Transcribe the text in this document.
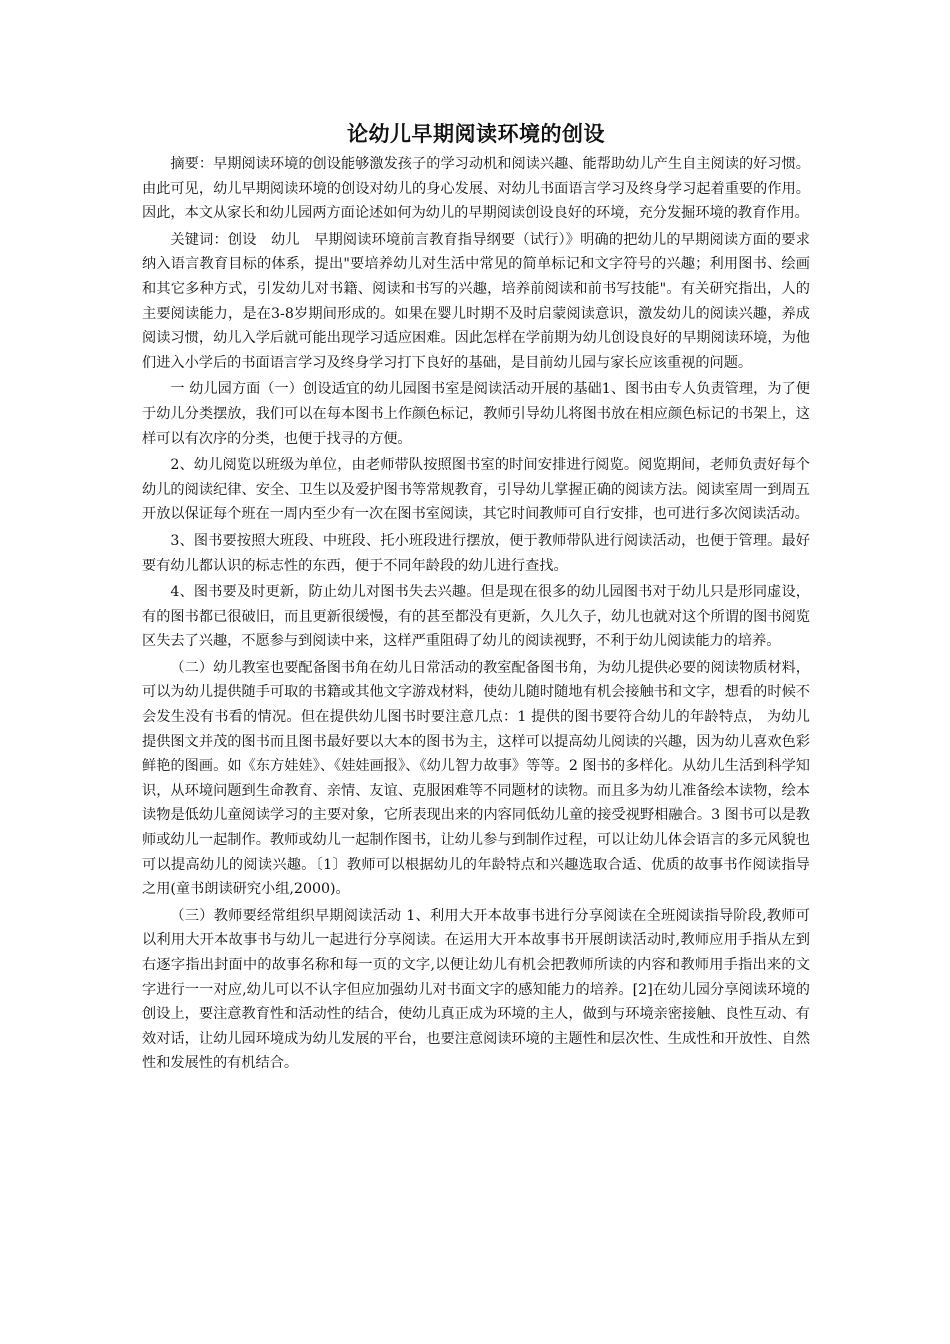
论幼儿早期阅读环境的创设

摘要：早期阅读环境的创设能够激发孩子的学习动机和阅读兴趣、能帮助幼儿产生自主阅读的好习惯。由此可见，幼儿早期阅读环境的创设对幼儿的身心发展、对幼儿书面语言学习及终身学习起着重要的作用。因此，本文从家长和幼儿园两方面论述如何为幼儿的早期阅读创设良好的环境，充分发掘环境的教育作用。

关键词：创设　幼儿　早期阅读环境前言教育指导纲要（试行）》明确的把幼儿的早期阅读方面的要求纳入语言教育目标的体系，提出"要培养幼儿对生活中常见的简单标记和文字符号的兴趣；利用图书、绘画和其它多种方式，引发幼儿对书籍、阅读和书写的兴趣，培养前阅读和前书写技能"。有关研究指出，人的主要阅读能力，是在3-8岁期间形成的。如果在婴儿时期不及时启蒙阅读意识，激发幼儿的阅读兴趣，养成阅读习惯，幼儿入学后就可能出现学习适应困难。因此怎样在学前期为幼儿创设良好的早期阅读环境，为他们进入小学后的书面语言学习及终身学习打下良好的基础，是目前幼儿园与家长应该重视的问题。

一 幼儿园方面（一）创设适宜的幼儿园图书室是阅读活动开展的基础1、图书由专人负责管理，为了便于幼儿分类摆放，我们可以在每本图书上作颜色标记，教师引导幼儿将图书放在相应颜色标记的书架上，这样可以有次序的分类，也便于找寻的方便。

2、幼儿阅览以班级为单位，由老师带队按照图书室的时间安排进行阅览。阅览期间，老师负责好每个幼儿的阅读纪律、安全、卫生以及爱护图书等常规教育，引导幼儿掌握正确的阅读方法。阅读室周一到周五开放以保证每个班在一周内至少有一次在图书室阅读，其它时间教师可自行安排，也可进行多次阅读活动。

3、图书要按照大班段、中班段、托小班段进行摆放，便于教师带队进行阅读活动，也便于管理。最好要有幼儿都认识的标志性的东西，便于不同年龄段的幼儿进行查找。

4、图书要及时更新，防止幼儿对图书失去兴趣。但是现在很多的幼儿园图书对于幼儿只是形同虚设，有的图书都已很破旧，而且更新很缓慢，有的甚至都没有更新，久儿久子，幼儿也就对这个所谓的图书阅览区失去了兴趣，不愿参与到阅读中来，这样严重阻碍了幼儿的阅读视野，不利于幼儿阅读能力的培养。

（二）幼儿教室也要配备图书角在幼儿日常活动的教室配备图书角，为幼儿提供必要的阅读物质材料，可以为幼儿提供随手可取的书籍或其他文字游戏材料，使幼儿随时随地有机会接触书和文字，想看的时候不会发生没有书看的情况。但在提供幼儿图书时要注意几点：1 提供的图书要符合幼儿的年龄特点， 为幼儿提供图文并茂的图书而且图书最好要以大本的图书为主，这样可以提高幼儿阅读的兴趣，因为幼儿喜欢色彩鲜艳的图画。如《东方娃娃》、《娃娃画报》、《幼儿智力故事》等等。2 图书的多样化。从幼儿生活到科学知识，从环境问题到生命教育、亲情、友谊、克服困难等不同题材的读物。而且多为幼儿准备绘本读物，绘本读物是低幼儿童阅读学习的主要对象，它所表现出来的内容同低幼儿童的接受视野相融合。3 图书可以是教师或幼儿一起制作。教师或幼儿一起制作图书，让幼儿参与到制作过程，可以让幼儿体会语言的多元风貌也可以提高幼儿的阅读兴趣。〔1〕教师可以根据幼儿的年龄特点和兴趣选取合适、优质的故事书作阅读指导之用(童书朗读研究小组,2000)。

（三）教师要经常组织早期阅读活动 1、利用大开本故事书进行分享阅读在全班阅读指导阶段,教师可以利用大开本故事书与幼儿一起进行分享阅读。在运用大开本故事书开展朗读活动时,教师应用手指从左到右逐字指出封面中的故事名称和每一页的文字,以便让幼儿有机会把教师所读的内容和教师用手指出来的文字进行一一对应,幼儿可以不认字但应加强幼儿对书面文字的感知能力的培养。[2]在幼儿园分享阅读环境的创设上，要注意教育性和活动性的结合，使幼儿真正成为环境的主人，做到与环境亲密接触、良性互动、有效对话，让幼儿园环境成为幼儿发展的平台，也要注意阅读环境的主题性和层次性、生成性和开放性、自然性和发展性的有机结合。
